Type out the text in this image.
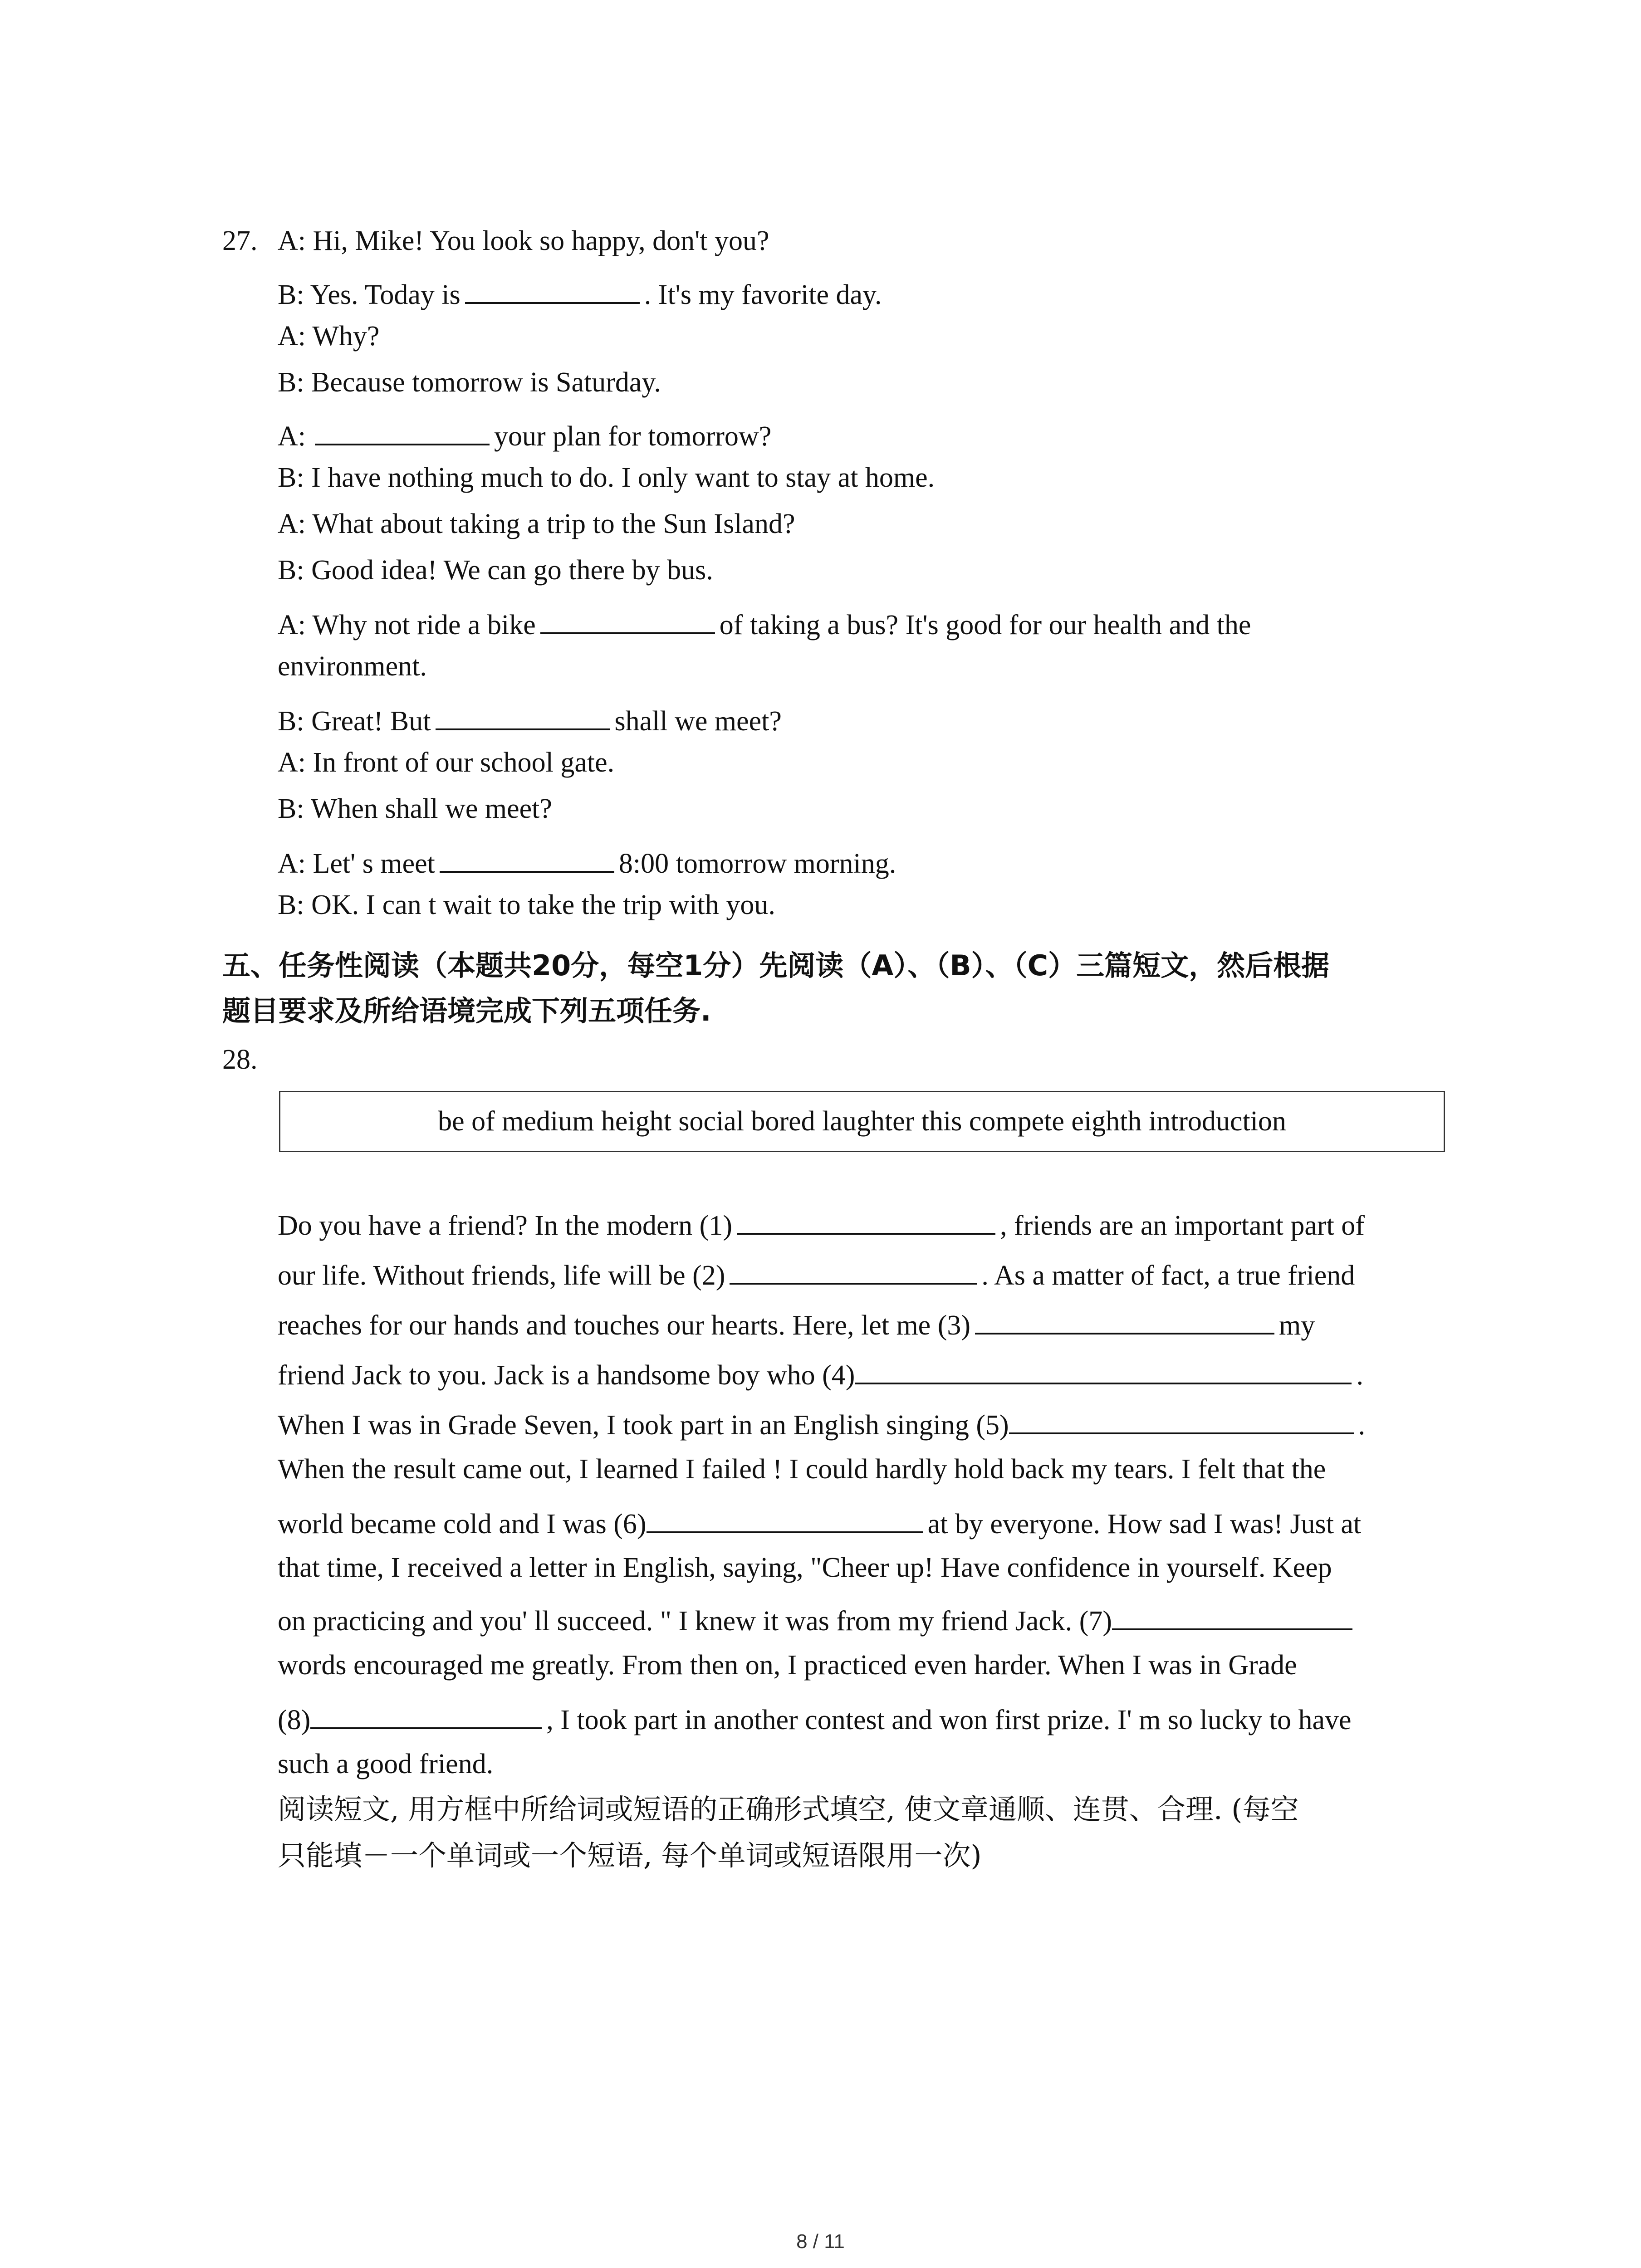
27. A: Hi, Mike! You look so happy, don't you?
B: Yes. Today is	. It's my favorite day.
A: Why?
B: Because tomorrow is Saturday.
A:	your plan for tomorrow?
B: I have nothing much to do. I only want to stay at home.
A: What about taking a trip to the Sun Island?
B: Good idea! We can go there by bus.
A: Why not ride a bike	of taking a bus? It's good for our health and the
environment.
B: Great! But	shall we meet?
A: In front of our school gate.
B: When shall we meet?
A: Let' s meet	8:00 tomorrow morning.
B: OK. I can t wait to take the trip with you.
五、任务性阅读（本题共20分，每空1分）先阅读（A）、（B）、（C）三篇短文，然后根据
题目要求及所给语境完成下列五项任务.
28.
be of medium height social bored laughter this compete eighth introduction
Do you have a friend? In the modern (1)	, friends are an important part of
our life. Without friends, life will be (2)	. As a matter of fact, a true friend
reaches for our hands and touches our hearts. Here, let me (3)	my
friend Jack to you. Jack is a handsome boy who (4)	.
When I was in Grade Seven, I took part in an English singing (5)	.
When the result came out, I learned I failed ! I could hardly hold back my tears. I felt that the
world became cold and I was (6)	at by everyone. How sad I was! Just at
that time, I received a letter in English, saying, "Cheer up! Have confidence in yourself. Keep
on practicing and you' ll succeed. " I knew it was from my friend Jack. (7)
words encouraged me greatly. From then on, I practiced even harder. When I was in Grade
(8)	, I took part in another contest and won first prize. I' m so lucky to have
such a good friend.
阅读短文, 用方框中所给词或短语的正确形式填空, 使文章通顺、连贯、合理. (每空
只能填－一个单词或一个短语, 每个单词或短语限用一次)
8 / 11
